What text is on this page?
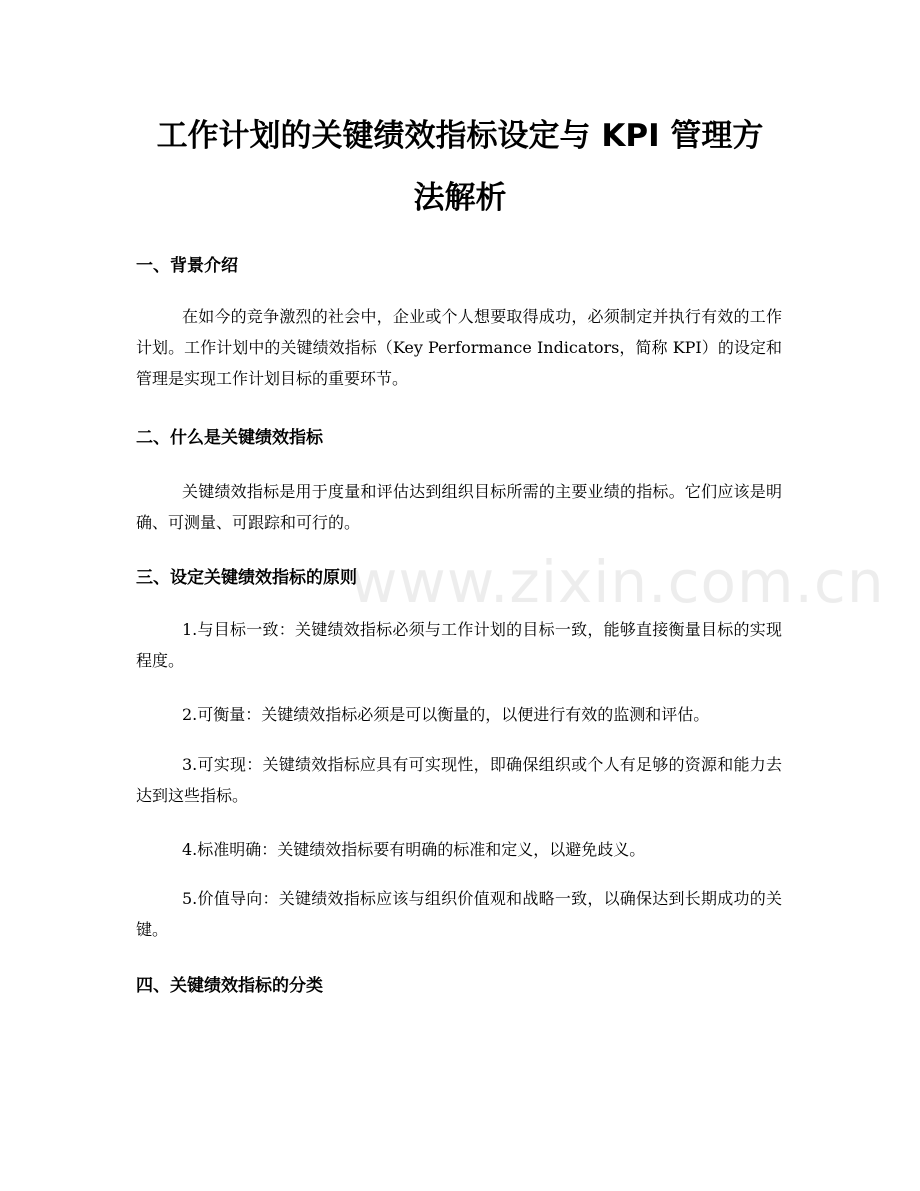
工作计划的关键绩效指标设定与 KPI 管理方
法解析
一、背景介绍

在如今的竞争激烈的社会中，企业或个人想要取得成功，必须制定并执行有效的工作计划。工作计划中的关键绩效指标（Key Performance Indicators，简称 KPI）的设定和管理是实现工作计划目标的重要环节。

二、什么是关键绩效指标

关键绩效指标是用于度量和评估达到组织目标所需的主要业绩的指标。它们应该是明确、可测量、可跟踪和可行的。

三、设定关键绩效指标的原则

1.与目标一致：关键绩效指标必须与工作计划的目标一致，能够直接衡量目标的实现程度。

2.可衡量：关键绩效指标必须是可以衡量的，以便进行有效的监测和评估。

3.可实现：关键绩效指标应具有可实现性，即确保组织或个人有足够的资源和能力去达到这些指标。

4.标准明确：关键绩效指标要有明确的标准和定义，以避免歧义。

5.价值导向：关键绩效指标应该与组织价值观和战略一致，以确保达到长期成功的关键。

四、关键绩效指标的分类
www.zixin.com.cn
